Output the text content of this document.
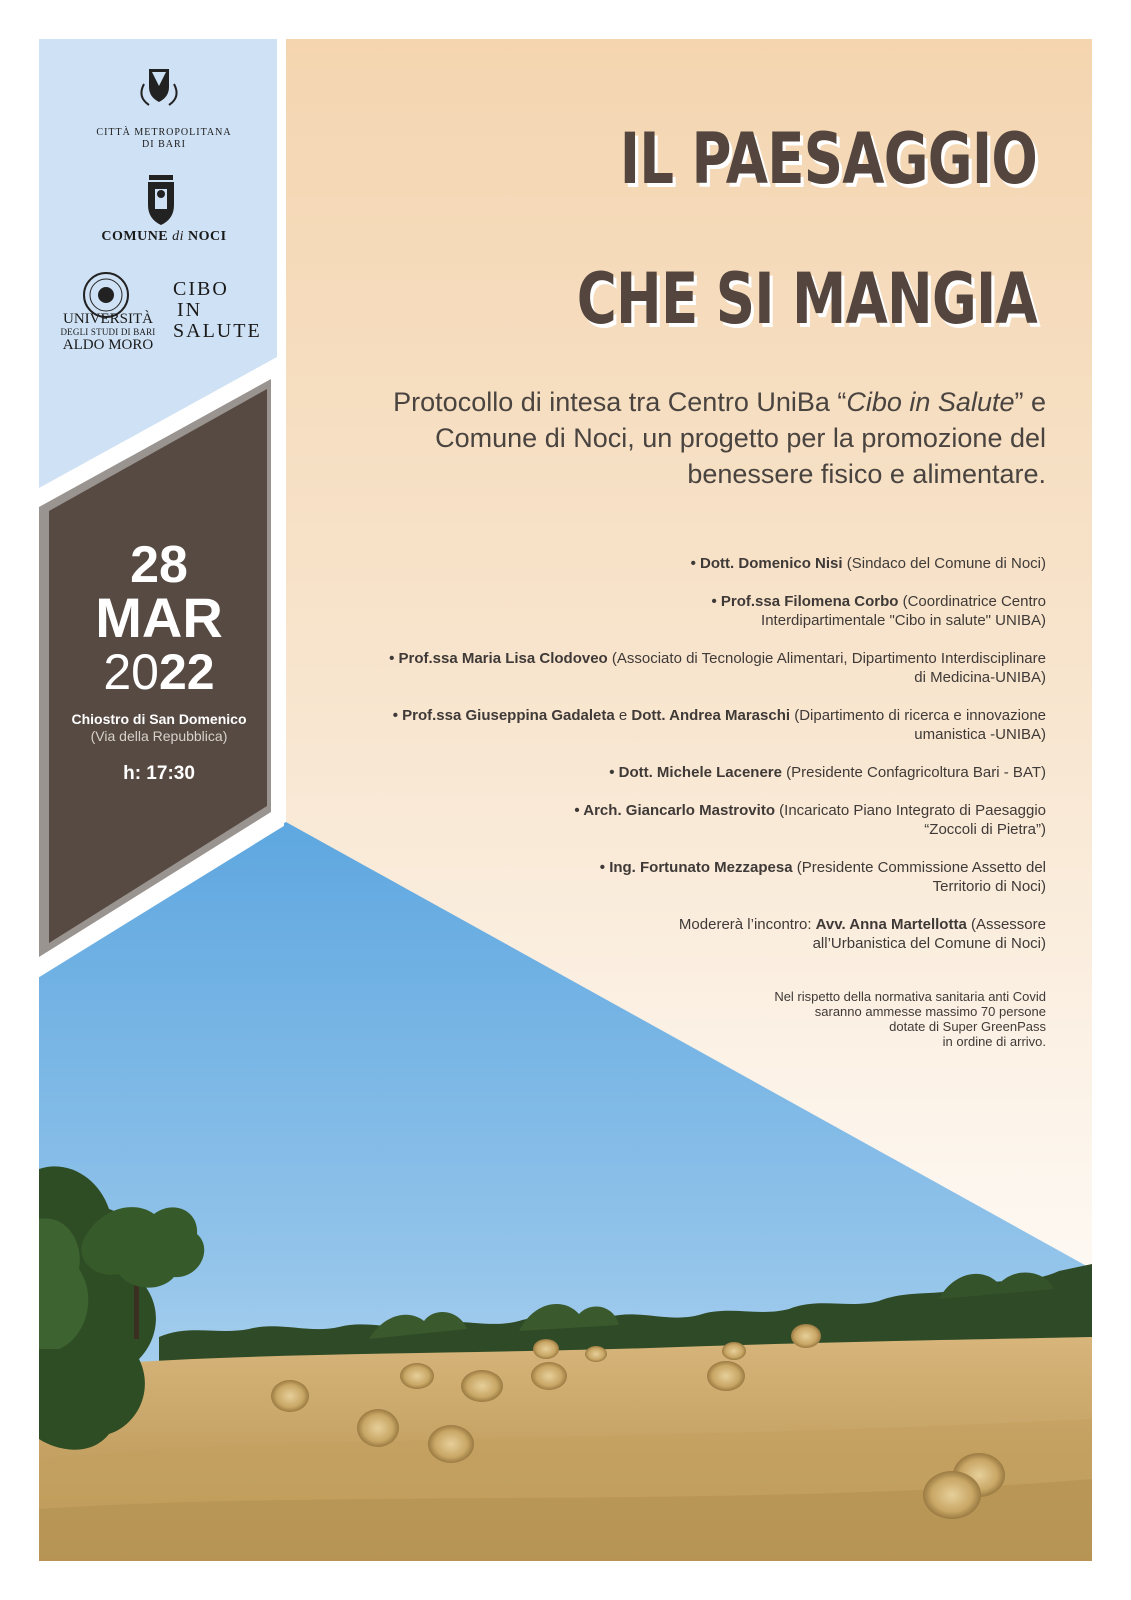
CITTÀ METROPOLITANA
DI BARI
COMUNE di NOCI
UNIVERSITÀ
DEGLI STUDI DI BARI
ALDO MORO
CIBO
IN
SALUTE
IL PAESAGGIO
CHE SI MANGIA
Protocollo di intesa tra Centro UniBa “Cibo in Salute” e Comune di Noci, un progetto per la promozione del benessere fisico e alimentare.
• Dott. Domenico Nisi (Sindaco del Comune di Noci)
• Prof.ssa Filomena Corbo (Coordinatrice Centro Interdipartimentale "Cibo in salute" UNIBA)
• Prof.ssa Maria Lisa Clodoveo (Associato di Tecnologie Alimentari, Dipartimento Interdisciplinare di Medicina-UNIBA)
• Prof.ssa Giuseppina Gadaleta e Dott. Andrea Maraschi (Dipartimento di ricerca e innovazione umanistica -UNIBA)
• Dott. Michele Lacenere (Presidente Confagricoltura Bari - BAT)
• Arch. Giancarlo Mastrovito (Incaricato Piano Integrato di Paesaggio “Zoccoli di Pietra”)
• Ing. Fortunato Mezzapesa (Presidente Commissione Assetto del Territorio di Noci)
Modererà l’incontro: Avv. Anna Martellotta (Assessore all’Urbanistica del Comune di Noci)
Nel rispetto della normativa sanitaria anti Covid
saranno ammesse massimo 70 persone
dotate di Super GreenPass
in ordine di arrivo.
28
MAR
2022
Chiostro di San Domenico
(Via della Repubblica)
h: 17:30
